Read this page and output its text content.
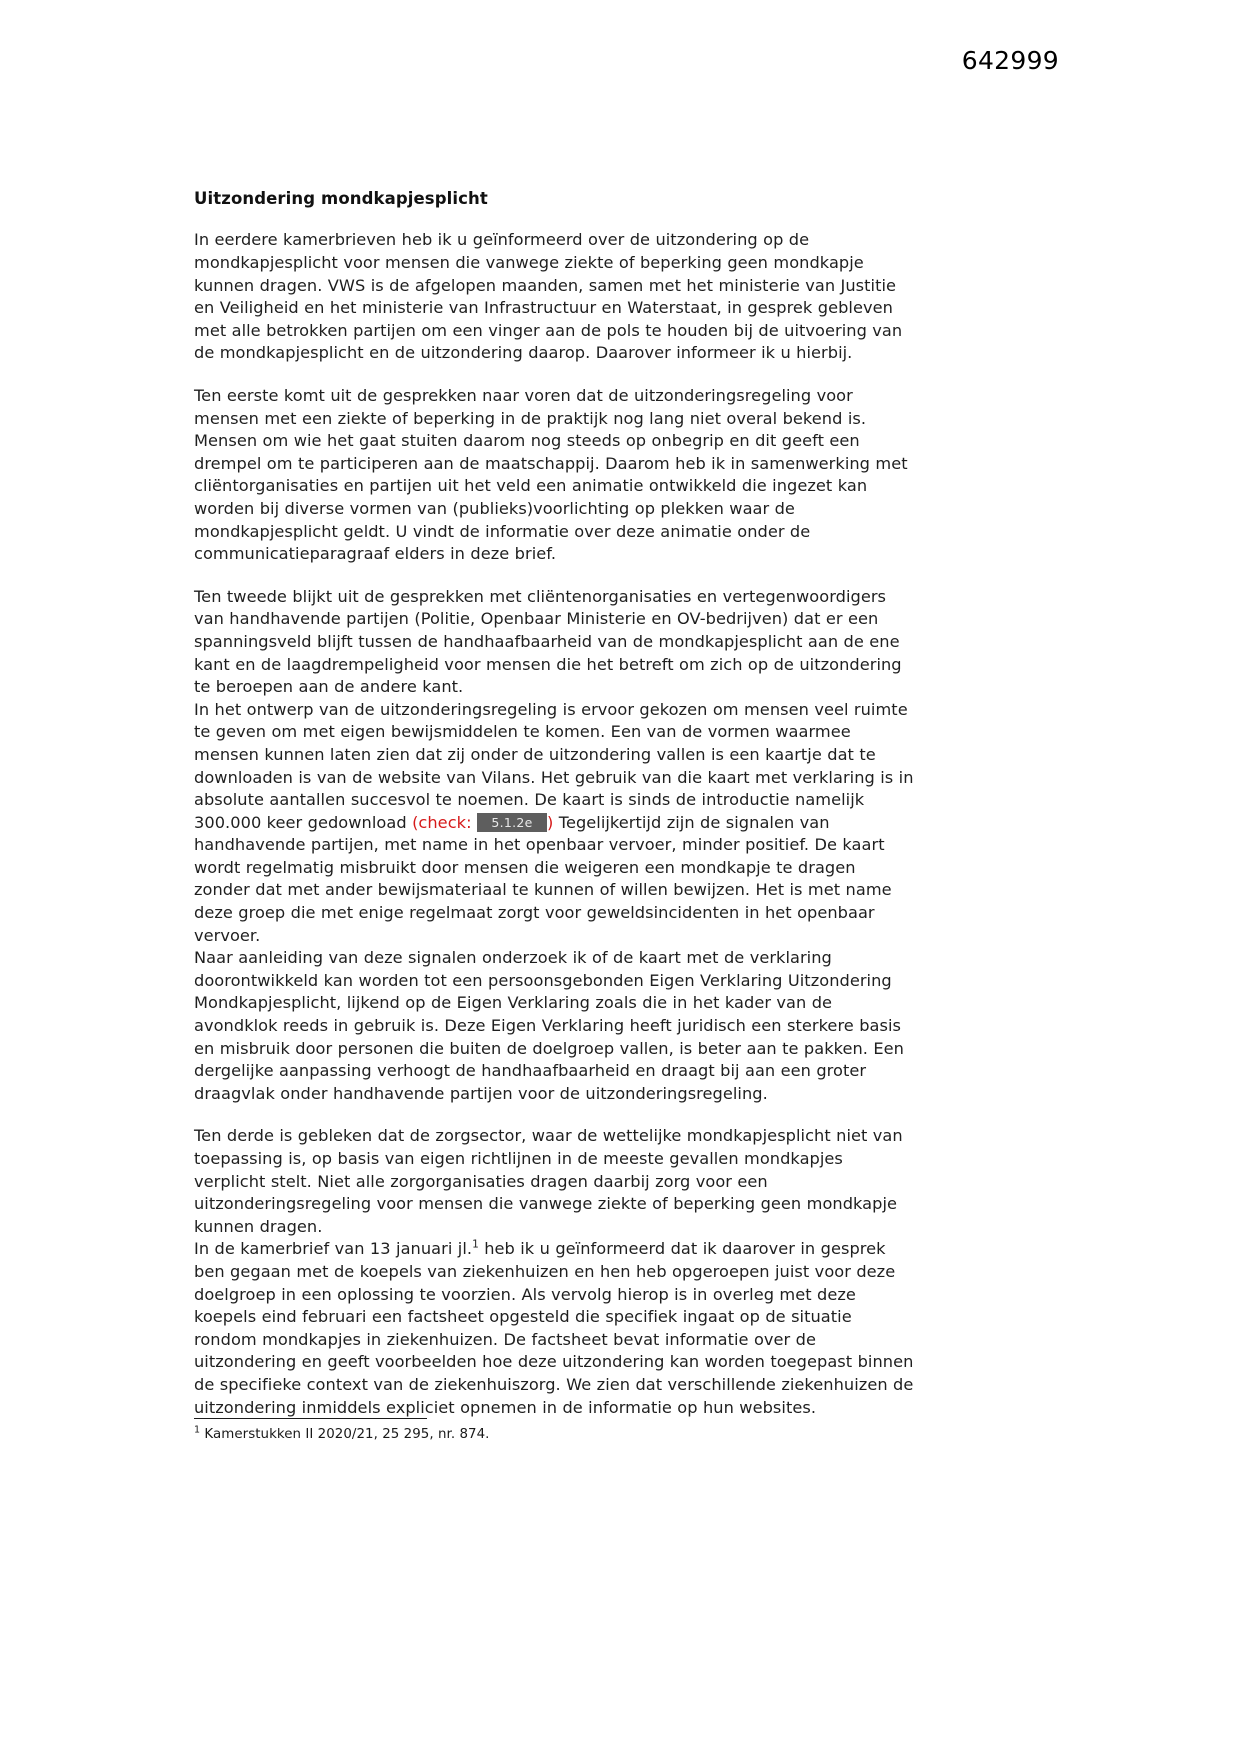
642999
Uitzondering mondkapjesplicht

In eerdere kamerbrieven heb ik u geïnformeerd over de uitzondering op de mondkapjesplicht voor mensen die vanwege ziekte of beperking geen mondkapje kunnen dragen. VWS is de afgelopen maanden, samen met het ministerie van Justitie en Veiligheid en het ministerie van Infrastructuur en Waterstaat, in gesprek gebleven met alle betrokken partijen om een vinger aan de pols te houden bij de uitvoering van de mondkapjesplicht en de uitzondering daarop. Daarover informeer ik u hierbij.

Ten eerste komt uit de gesprekken naar voren dat de uitzonderingsregeling voor mensen met een ziekte of beperking in de praktijk nog lang niet overal bekend is. Mensen om wie het gaat stuiten daarom nog steeds op onbegrip en dit geeft een drempel om te participeren aan de maatschappij. Daarom heb ik in samenwerking met cliëntorganisaties en partijen uit het veld een animatie ontwikkeld die ingezet kan worden bij diverse vormen van (publieks)voorlichting op plekken waar de mondkapjesplicht geldt. U vindt de informatie over deze animatie onder de communicatieparagraaf elders in deze brief.

Ten tweede blijkt uit de gesprekken met cliëntenorganisaties en vertegenwoordigers van handhavende partijen (Politie, Openbaar Ministerie en OV-bedrijven) dat er een spanningsveld blijft tussen de handhaafbaarheid van de mondkapjesplicht aan de ene kant en de laagdrempeligheid voor mensen die het betreft om zich op de uitzondering te beroepen aan de andere kant.

In het ontwerp van de uitzonderingsregeling is ervoor gekozen om mensen veel ruimte te geven om met eigen bewijsmiddelen te komen. Een van de vormen waarmee mensen kunnen laten zien dat zij onder de uitzondering vallen is een kaartje dat te downloaden is van de website van Vilans. Het gebruik van die kaart met verklaring is in absolute aantallen succesvol te noemen. De kaart is sinds de introductie namelijk 300.000 keer gedownload (check: 5.1.2e ) Tegelijkertijd zijn de signalen van handhavende partijen, met name in het openbaar vervoer, minder positief. De kaart wordt regelmatig misbruikt door mensen die weigeren een mondkapje te dragen zonder dat met ander bewijsmateriaal te kunnen of willen bewijzen. Het is met name deze groep die met enige regelmaat zorgt voor geweldsincidenten in het openbaar vervoer.

Naar aanleiding van deze signalen onderzoek ik of de kaart met de verklaring doorontwikkeld kan worden tot een persoonsgebonden Eigen Verklaring Uitzondering Mondkapjesplicht, lijkend op de Eigen Verklaring zoals die in het kader van de avondklok reeds in gebruik is. Deze Eigen Verklaring heeft juridisch een sterkere basis en misbruik door personen die buiten de doelgroep vallen, is beter aan te pakken. Een dergelijke aanpassing verhoogt de handhaafbaarheid en draagt bij aan een groter draagvlak onder handhavende partijen voor de uitzonderingsregeling.

Ten derde is gebleken dat de zorgsector, waar de wettelijke mondkapjesplicht niet van toepassing is, op basis van eigen richtlijnen in de meeste gevallen mondkapjes verplicht stelt. Niet alle zorgorganisaties dragen daarbij zorg voor een uitzonderingsregeling voor mensen die vanwege ziekte of beperking geen mondkapje kunnen dragen.

In de kamerbrief van 13 januari jl.$^1$ heb ik u geïnformeerd dat ik daarover in gesprek ben gegaan met de koepels van ziekenhuizen en hen heb opgeroepen juist voor deze doelgroep in een oplossing te voorzien. Als vervolg hierop is in overleg met deze koepels eind februari een factsheet opgesteld die specifiek ingaat op de situatie rondom mondkapjes in ziekenhuizen. De factsheet bevat informatie over de uitzondering en geeft voorbeelden hoe deze uitzondering kan worden toegepast binnen de specifieke context van de ziekenhuiszorg. We zien dat verschillende ziekenhuizen de uitzondering inmiddels expliciet opnemen in de informatie op hun websites.

$^1$ Kamerstukken II 2020/21, 25 295, nr. 874.
